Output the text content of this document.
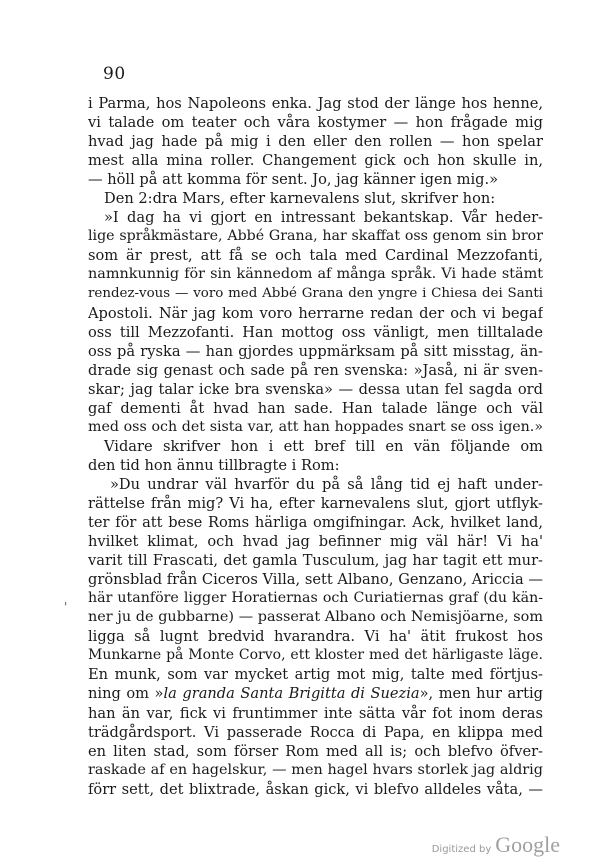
90
'
i Parma, hos Napoleons enka. Jag stod der länge hos henne,
vi talade om teater och våra kostymer — hon frågade mig
hvad jag hade på mig i den eller den rollen — hon spelar
mest alla mina roller. Changement gick och hon skulle in,
— höll på att komma för sent. Jo, jag känner igen mig.»
Den 2:dra Mars, efter karnevalens slut, skrifver hon:
»I dag ha vi gjort en intressant bekantskap. Vår heder-
lige språkmästare, Abbé Grana, har skaffat oss genom sin bror
som är prest, att få se och tala med Cardinal Mezzofanti,
namnkunnig för sin kännedom af många språk. Vi hade stämt
rendez-vous — voro med Abbé Grana den yngre i Chiesa dei Santi
Apostoli. När jag kom voro herrarne redan der och vi begaf
oss till Mezzofanti. Han mottog oss vänligt, men tilltalade
oss på ryska — han gjordes uppmärksam på sitt misstag, än-
drade sig genast och sade på ren svenska: »Jaså, ni är sven-
skar; jag talar icke bra svenska» — dessa utan fel sagda ord
gaf dementi åt hvad han sade. Han talade länge och väl
med oss och det sista var, att han hoppades snart se oss igen.»
Vidare skrifver hon i ett bref till en vän följande om
den tid hon ännu tillbragte i Rom:
»Du undrar väl hvarför du på så lång tid ej haft under-
rättelse från mig? Vi ha, efter karnevalens slut, gjort utflyk-
ter för att bese Roms härliga omgifningar. Ack, hvilket land,
hvilket klimat, och hvad jag befinner mig väl här! Vi ha'
varit till Frascati, det gamla Tusculum, jag har tagit ett mur-
grönsblad från Ciceros Villa, sett Albano, Genzano, Ariccia —
här utanföre ligger Horatiernas och Curiatiernas graf (du kän-
ner ju de gubbarne) — passerat Albano och Nemisjöarne, som
ligga så lugnt bredvid hvarandra. Vi ha' ätit frukost hos
Munkarne på Monte Corvo, ett kloster med det härligaste läge.
En munk, som var mycket artig mot mig, talte med förtjus-
ning om »la granda Santa Brigitta di Suezia», men hur artig
han än var, fick vi fruntimmer inte sätta vår fot inom deras
trädgårdsport. Vi passerade Rocca di Papa, en klippa med
en liten stad, som förser Rom med all is; och blefvo öfver-
raskade af en hagelskur, — men hagel hvars storlek jag aldrig
förr sett, det blixtrade, åskan gick, vi blefvo alldeles våta, —
Digitized by Google
